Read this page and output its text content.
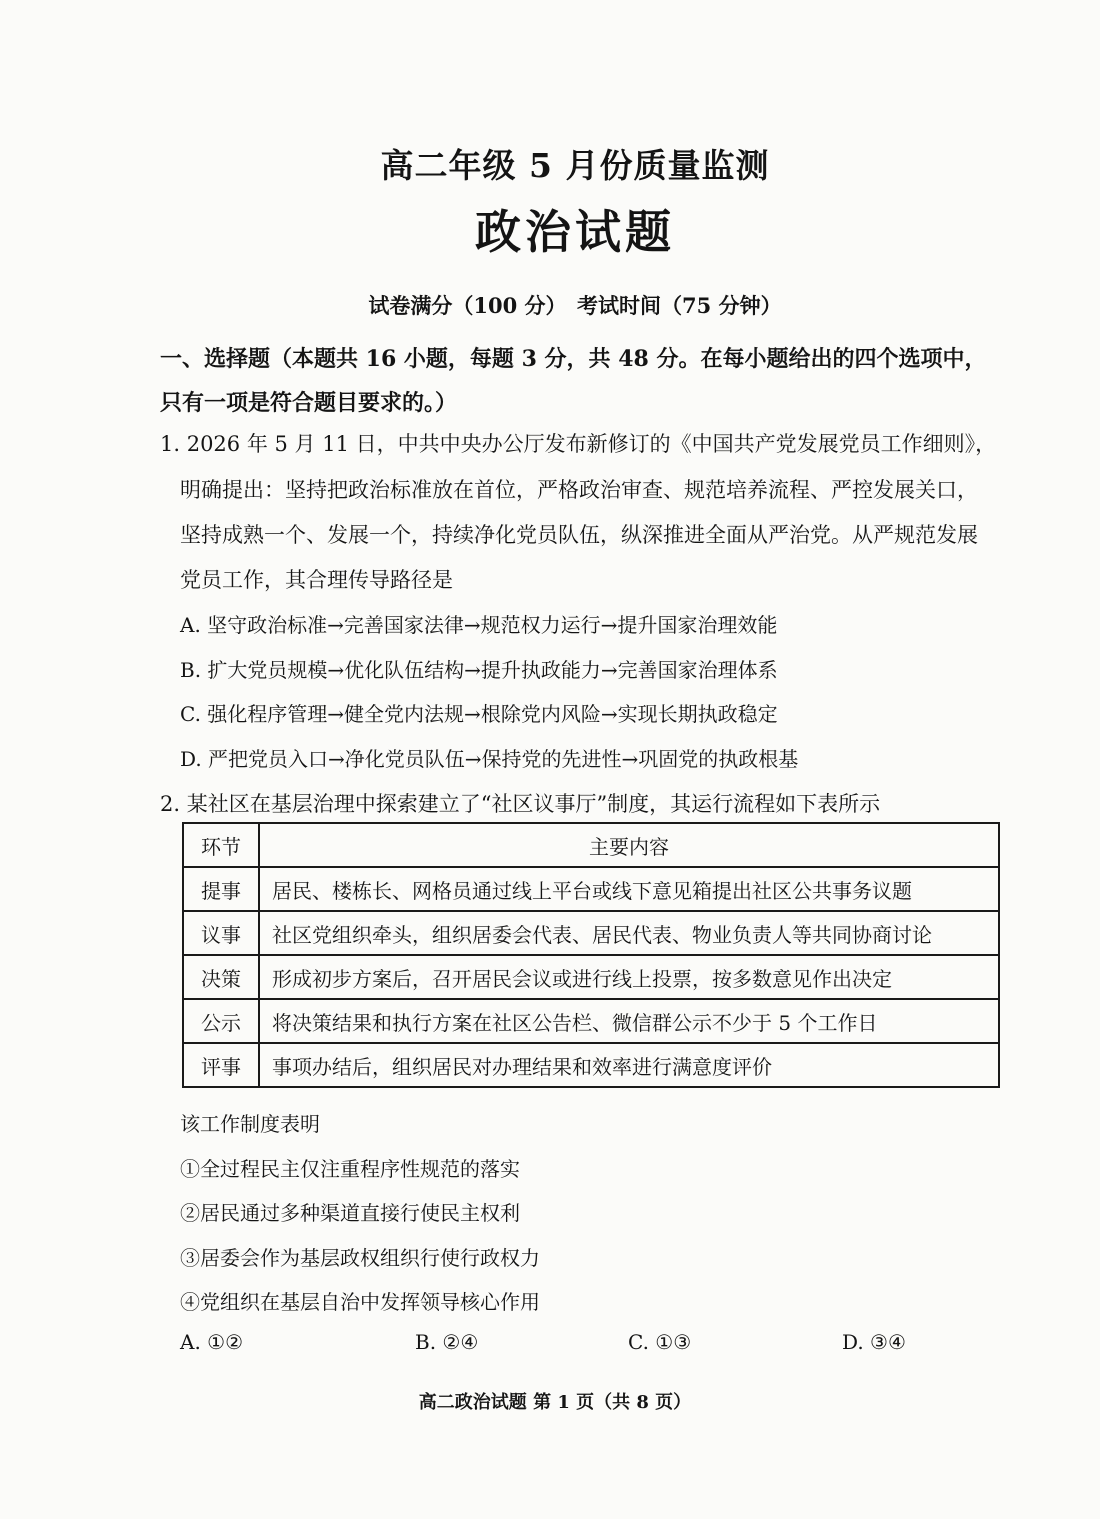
高二年级 5 月份质量监测
政治试题
试卷满分（100 分）　考试时间（75 分钟）
一、选择题（本题共 16 小题，每题 3 分，共 48 分。在每小题给出的四个选项中，只有一项是符合题目要求的。）
1. 2026 年 5 月 11 日，中共中央办公厅发布新修订的《中国共产党发展党员工作细则》，
明确提出：坚持把政治标准放在首位，严格政治审查、规范培养流程、严控发展关口，
坚持成熟一个、发展一个，持续净化党员队伍，纵深推进全面从严治党。从严规范发展
党员工作，其合理传导路径是
A. 坚守政治标准→完善国家法律→规范权力运行→提升国家治理效能
B. 扩大党员规模→优化队伍结构→提升执政能力→完善国家治理体系
C. 强化程序管理→健全党内法规→根除党内风险→实现长期执政稳定
D. 严把党员入口→净化党员队伍→保持党的先进性→巩固党的执政根基
2. 某社区在基层治理中探索建立了“社区议事厅”制度，其运行流程如下表所示
环节	主要内容
提事	居民、楼栋长、网格员通过线上平台或线下意见箱提出社区公共事务议题
议事	社区党组织牵头，组织居委会代表、居民代表、物业负责人等共同协商讨论
决策	形成初步方案后，召开居民会议或进行线上投票，按多数意见作出决定
公示	将决策结果和执行方案在社区公告栏、微信群公示不少于 5 个工作日
评事	事项办结后，组织居民对办理结果和效率进行满意度评价
该工作制度表明
①全过程民主仅注重程序性规范的落实
②居民通过多种渠道直接行使民主权利
③居委会作为基层政权组织行使行政权力
④党组织在基层自治中发挥领导核心作用
A. ①②	B. ②④	C. ①③	D. ③④
高二政治试题 第 1 页（共 8 页）
